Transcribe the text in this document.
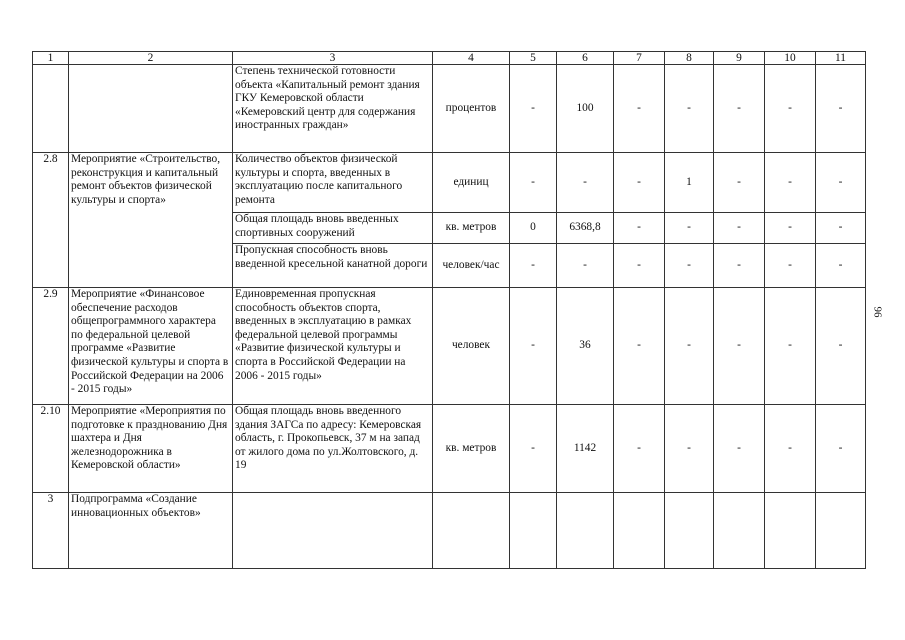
1	2	3	4	5	6	7	8	9	10	11
		Степень технической готовности объекта «Капитальный ремонт здания ГКУ Кемеровской области «Кемеровский центр для содержания иностранных граждан»	процентов	-	100	-	-	-	-	-
2.8	Мероприятие «Строительство, реконструкция и капитальный ремонт объектов физической культуры и спорта»	Количество объектов физической культуры и спорта, введенных в эксплуатацию после капитального ремонта	единиц	-	-	-	1	-	-	-
		Общая площадь вновь введенных спортивных сооружений	кв. метров	0	6368,8	-	-	-	-	-
		Пропускная способность вновь введенной кресельной канатной дороги	человек/час	-	-	-	-	-	-	-
2.9	Мероприятие «Финансовое обеспечение расходов общепрограммного характера по федеральной целевой программе «Развитие физической культуры и спорта в Российской Федерации на 2006 - 2015 годы»	Единовременная пропускная способность объектов спорта, введенных в эксплуатацию в рамках федеральной целевой программы «Развитие физической культуры и спорта в Российской Федерации на 2006 - 2015 годы»	человек	-	36	-	-	-	-	-
2.10	Мероприятие «Мероприятия по подготовке к празднованию Дня шахтера и Дня железнодорожника в Кемеровской области»	Общая площадь вновь введенного здания ЗАГСа по адресу: Кемеровская область, г. Прокопьевск, 37 м на запад от жилого дома по ул.Жолтовского, д. 19	кв. метров	-	1142	-	-	-	-	-
3	Подпрограмма «Создание инновационных объектов»									
96
